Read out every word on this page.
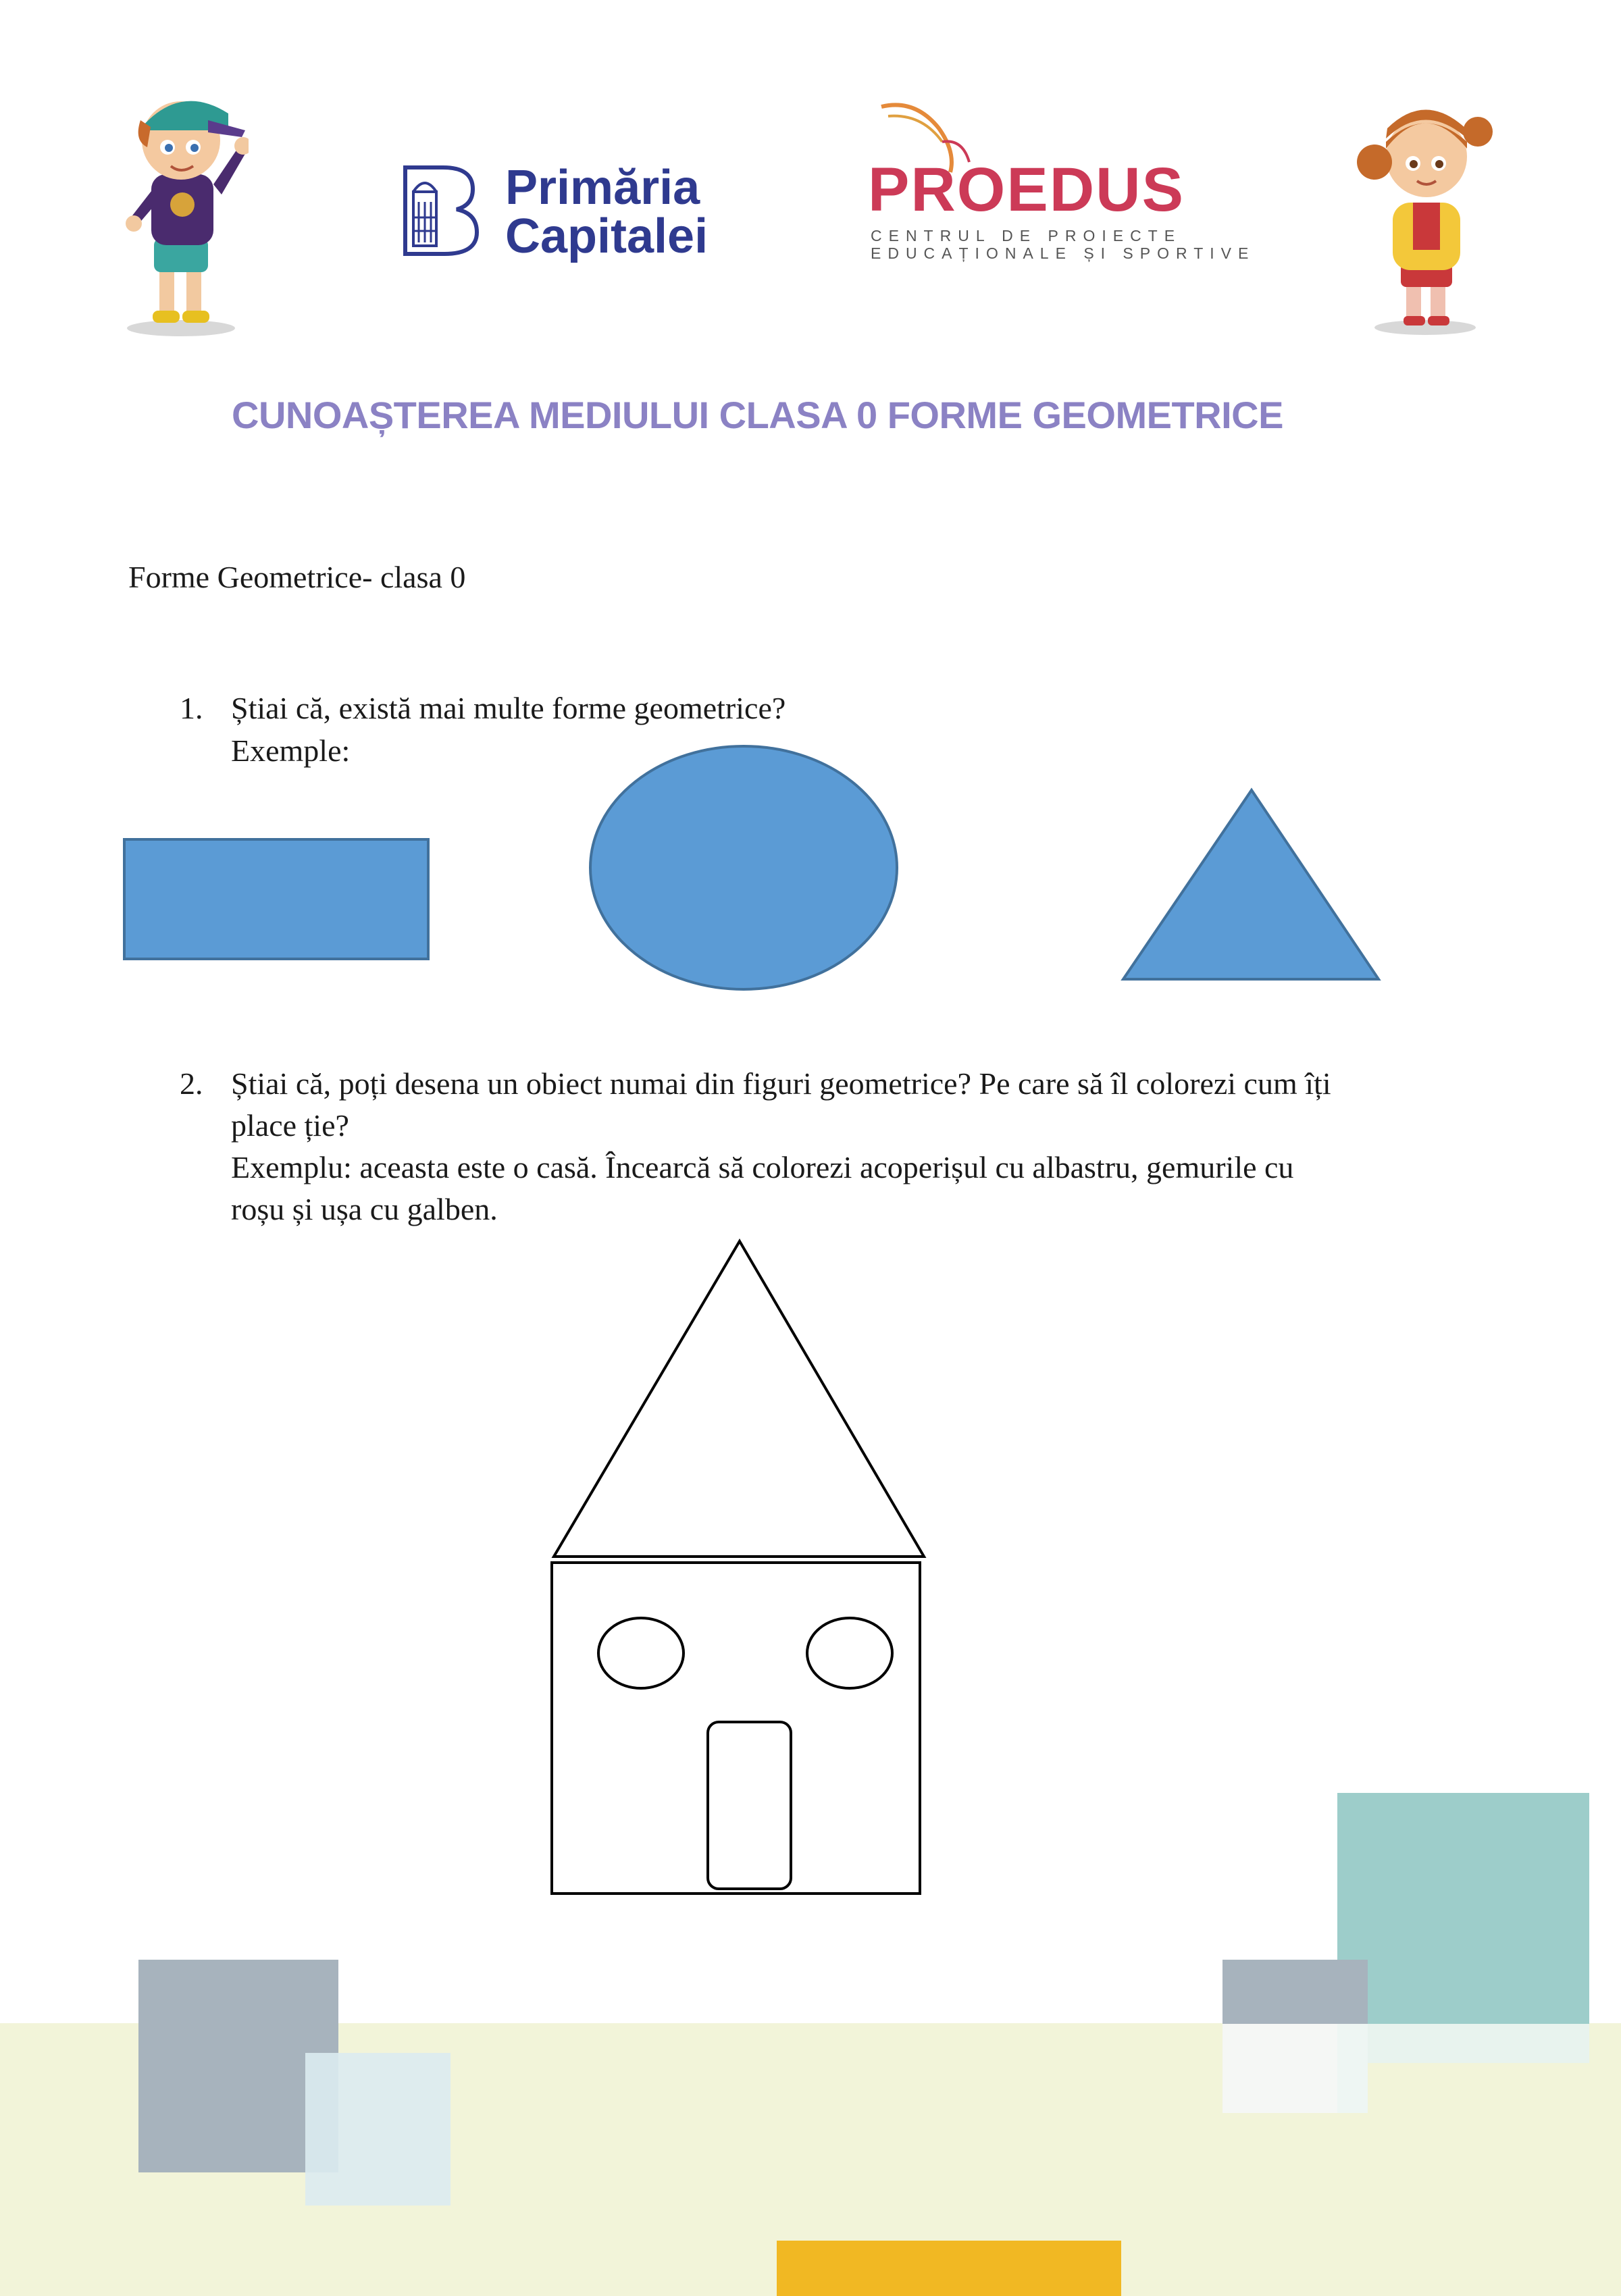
Primăria
Capitalei
PROEDUS
CENTRUL DE PROIECTE
EDUCAȚIONALE ȘI SPORTIVE
CUNOAȘTEREA MEDIULUI CLASA 0 FORME GEOMETRICE
Forme Geometrice- clasa 0
1. Știai că, există mai multe forme geometrice?
Exemple:
2. Știai că, poți desena un obiect numai din figuri geometrice? Pe care să îl colorezi cum îți
place ție?
Exemplu: aceasta este o casă. Încearcă să colorezi acoperișul cu albastru, gemurile cu
roșu și ușa cu galben.
